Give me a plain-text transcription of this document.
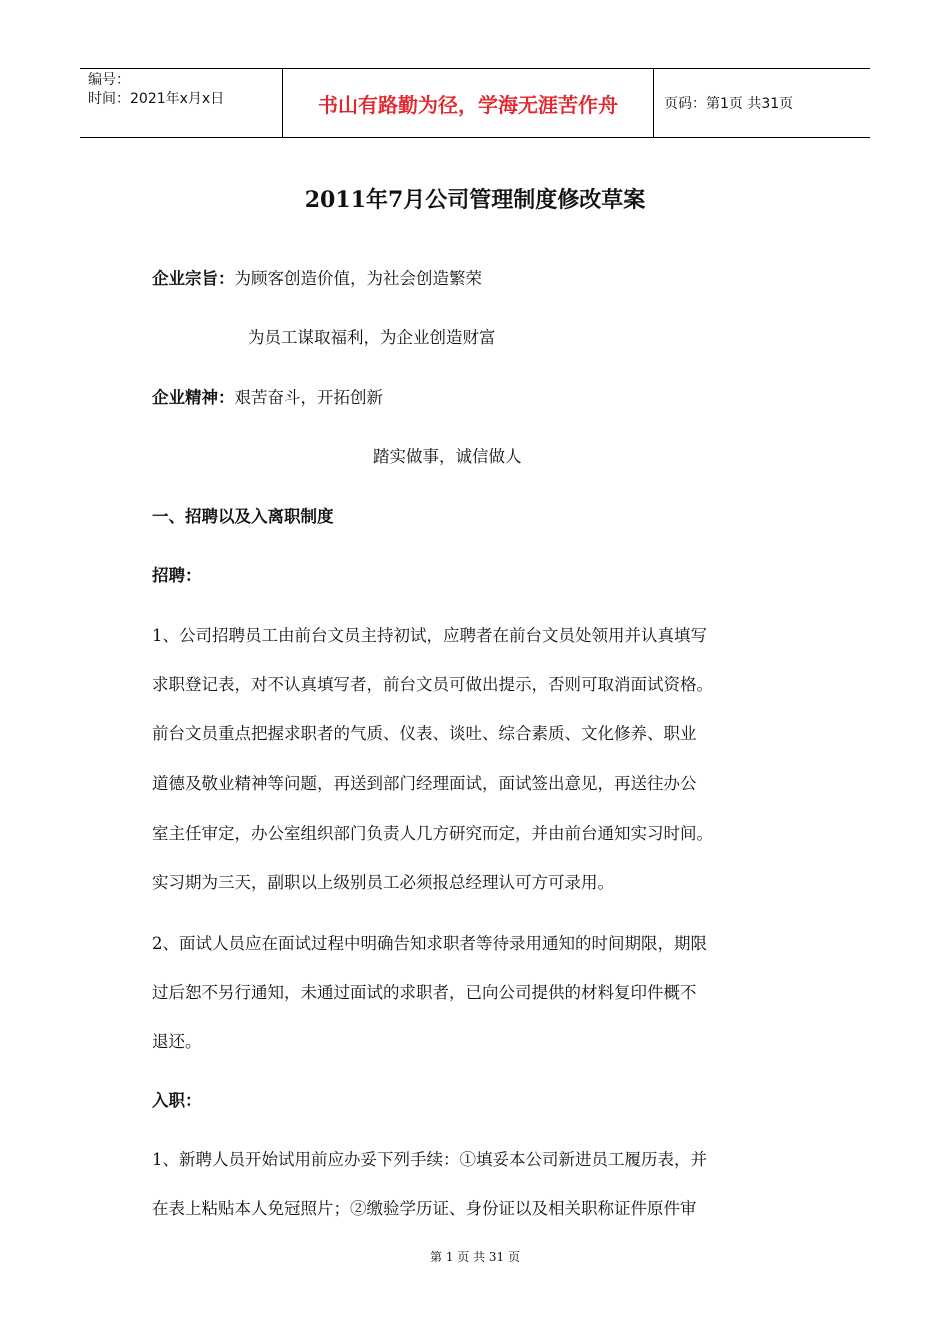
编号：
时间：2021年x月x日	书山有路勤为径，学海无涯苦作舟	页码：第1页 共31页
2011年7月公司管理制度修改草案
企业宗旨：为顾客创造价值，为社会创造繁荣
为员工谋取福利，为企业创造财富
企业精神：艰苦奋斗，开拓创新
踏实做事，诚信做人
一、招聘以及入离职制度
招聘：
1、公司招聘员工由前台文员主持初试，应聘者在前台文员处领用并认真填写
求职登记表，对不认真填写者，前台文员可做出提示，否则可取消面试资格。
前台文员重点把握求职者的气质、仪表、谈吐、综合素质、文化修养、职业
道德及敬业精神等问题，再送到部门经理面试，面试签出意见，再送往办公
室主任审定，办公室组织部门负责人几方研究而定，并由前台通知实习时间。
实习期为三天，副职以上级别员工必须报总经理认可方可录用。
2、面试人员应在面试过程中明确告知求职者等待录用通知的时间期限，期限
过后恕不另行通知，未通过面试的求职者，已向公司提供的材料复印件概不
退还。
入职：
1、新聘人员开始试用前应办妥下列手续：①填妥本公司新进员工履历表，并
在表上粘贴本人免冠照片；②缴验学历证、身份证以及相关职称证件原件审
第 1 页 共 31 页
